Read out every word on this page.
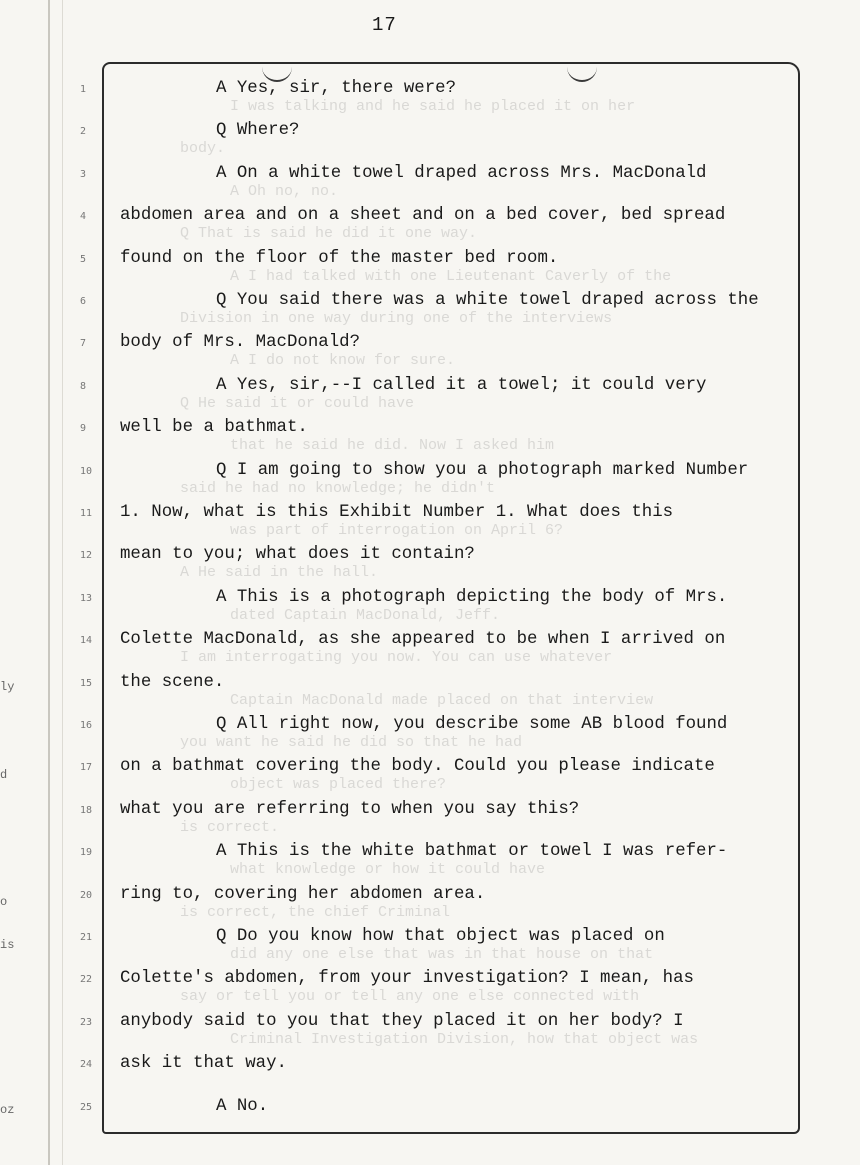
17
ly
d
o
is
oz
1
2
3
4
5
6
7
8
9
10
11
12
13
14
15
16
17
18
19
20
21
22
23
24
25
I was talking and he said he placed it on her
body.
A Oh no, no.
Q That is said he did it one way.
A I had talked with one Lieutenant Caverly of the
Division in one way during one of the interviews
A I do not know for sure.
Q He said it or could have
that he said he did. Now I asked him
said he had no knowledge; he didn't
was part of interrogation on April 6?
A He said in the hall.
dated Captain MacDonald, Jeff.
I am interrogating you now. You can use whatever
Captain MacDonald made placed on that interview
you want he said he did so that he had
object was placed there?
is correct.
what knowledge or how it could have
is correct, the chief Criminal
did any one else that was in that house on that
say or tell you or tell any one else connected with
Criminal Investigation Division, how that object was
A Yes, sir, there were?
Q Where?
A On a white towel draped across Mrs. MacDonald
abdomen area and on a sheet and on a bed cover, bed spread
found on the floor of the master bed room.
Q You said there was a white towel draped across the
body of Mrs. MacDonald?
A Yes, sir,--I called it a towel; it could very
well be a bathmat.
Q I am going to show you a photograph marked Number
1. Now, what is this Exhibit Number 1. What does this
mean to you; what does it contain?
A This is a photograph depicting the body of Mrs.
Colette MacDonald, as she appeared to be when I arrived on
the scene.
Q All right now, you describe some AB blood found
on a bathmat covering the body. Could you please indicate
what you are referring to when you say this?
A This is the white bathmat or towel I was refer-
ring to, covering her abdomen area.
Q Do you know how that object was placed on
Colette's abdomen, from your investigation? I mean, has
anybody said to you that they placed it on her body? I
ask it that way.
A No.
